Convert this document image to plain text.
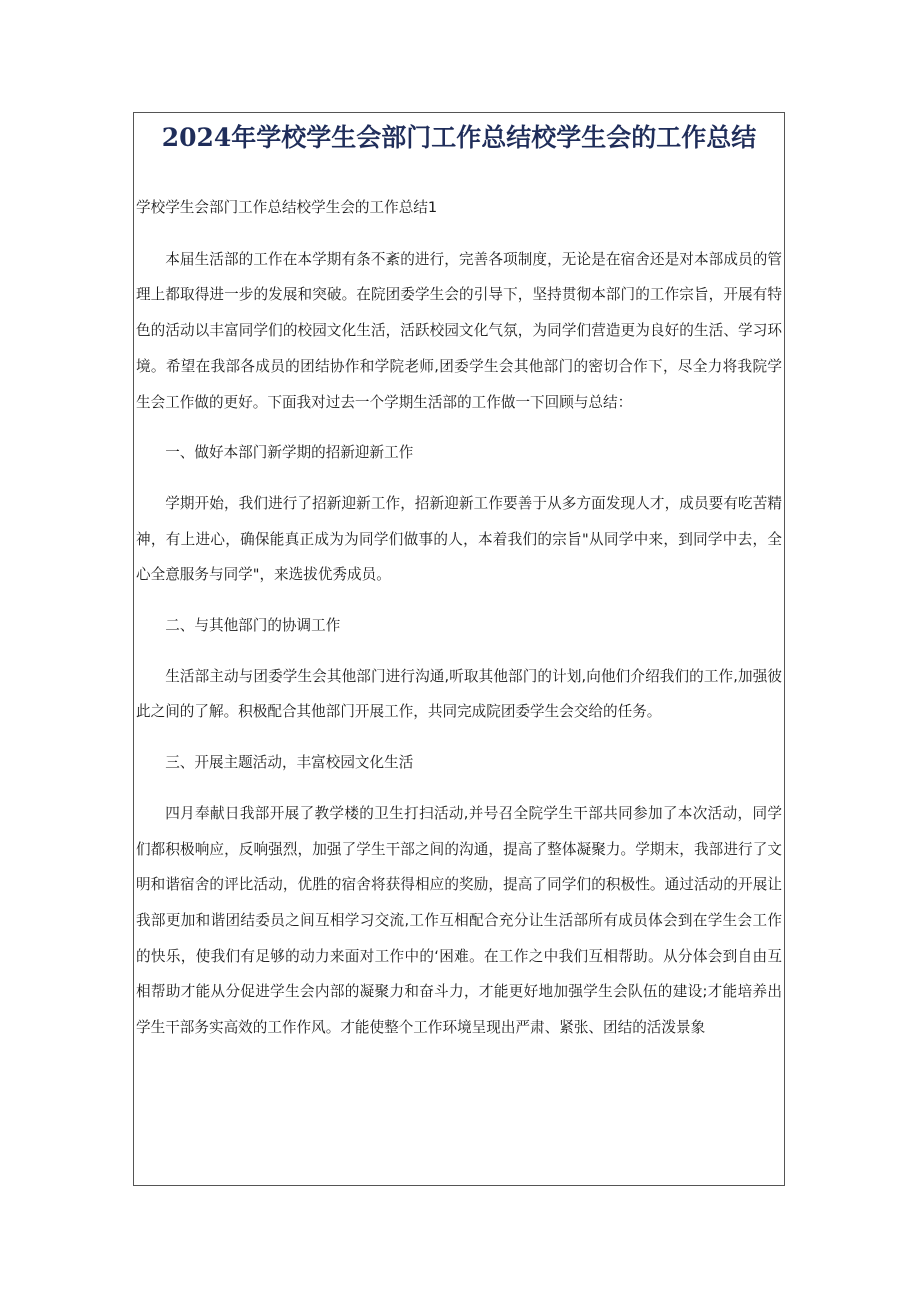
2024年学校学生会部门工作总结校学生会的工作总结

学校学生会部门工作总结校学生会的工作总结1

本届生活部的工作在本学期有条不紊的进行，完善各项制度，无论是在宿舍还是对本部成员的管理上都取得进一步的发展和突破。在院团委学生会的引导下，坚持贯彻本部门的工作宗旨，开展有特色的活动以丰富同学们的校园文化生活，活跃校园文化气氛，为同学们营造更为良好的生活、学习环境。希望在我部各成员的团结协作和学院老师,团委学生会其他部门的密切合作下，尽全力将我院学生会工作做的更好。下面我对过去一个学期生活部的工作做一下回顾与总结：

一、做好本部门新学期的招新迎新工作

学期开始，我们进行了招新迎新工作，招新迎新工作要善于从多方面发现人才，成员要有吃苦精神，有上进心，确保能真正成为为同学们做事的人，本着我们的宗旨"从同学中来，到同学中去，全心全意服务与同学"，来选拔优秀成员。

二、与其他部门的协调工作

生活部主动与团委学生会其他部门进行沟通,听取其他部门的计划,向他们介绍我们的工作,加强彼此之间的了解。积极配合其他部门开展工作，共同完成院团委学生会交给的任务。

三、开展主题活动，丰富校园文化生活

四月奉献日我部开展了教学楼的卫生打扫活动,并号召全院学生干部共同参加了本次活动，同学们都积极响应，反响强烈，加强了学生干部之间的沟通，提高了整体凝聚力。学期末，我部进行了文明和谐宿舍的评比活动，优胜的宿舍将获得相应的奖励，提高了同学们的积极性。通过活动的开展让我部更加和谐团结委员之间互相学习交流,工作互相配合充分让生活部所有成员体会到在学生会工作的快乐，使我们有足够的动力来面对工作中的‘困难。在工作之中我们互相帮助。从分体会到自由互相帮助才能从分促进学生会内部的凝聚力和奋斗力，才能更好地加强学生会队伍的建设;才能培养出学生干部务实高效的工作作风。才能使整个工作环境呈现出严肃、紧张、团结的活泼景象
